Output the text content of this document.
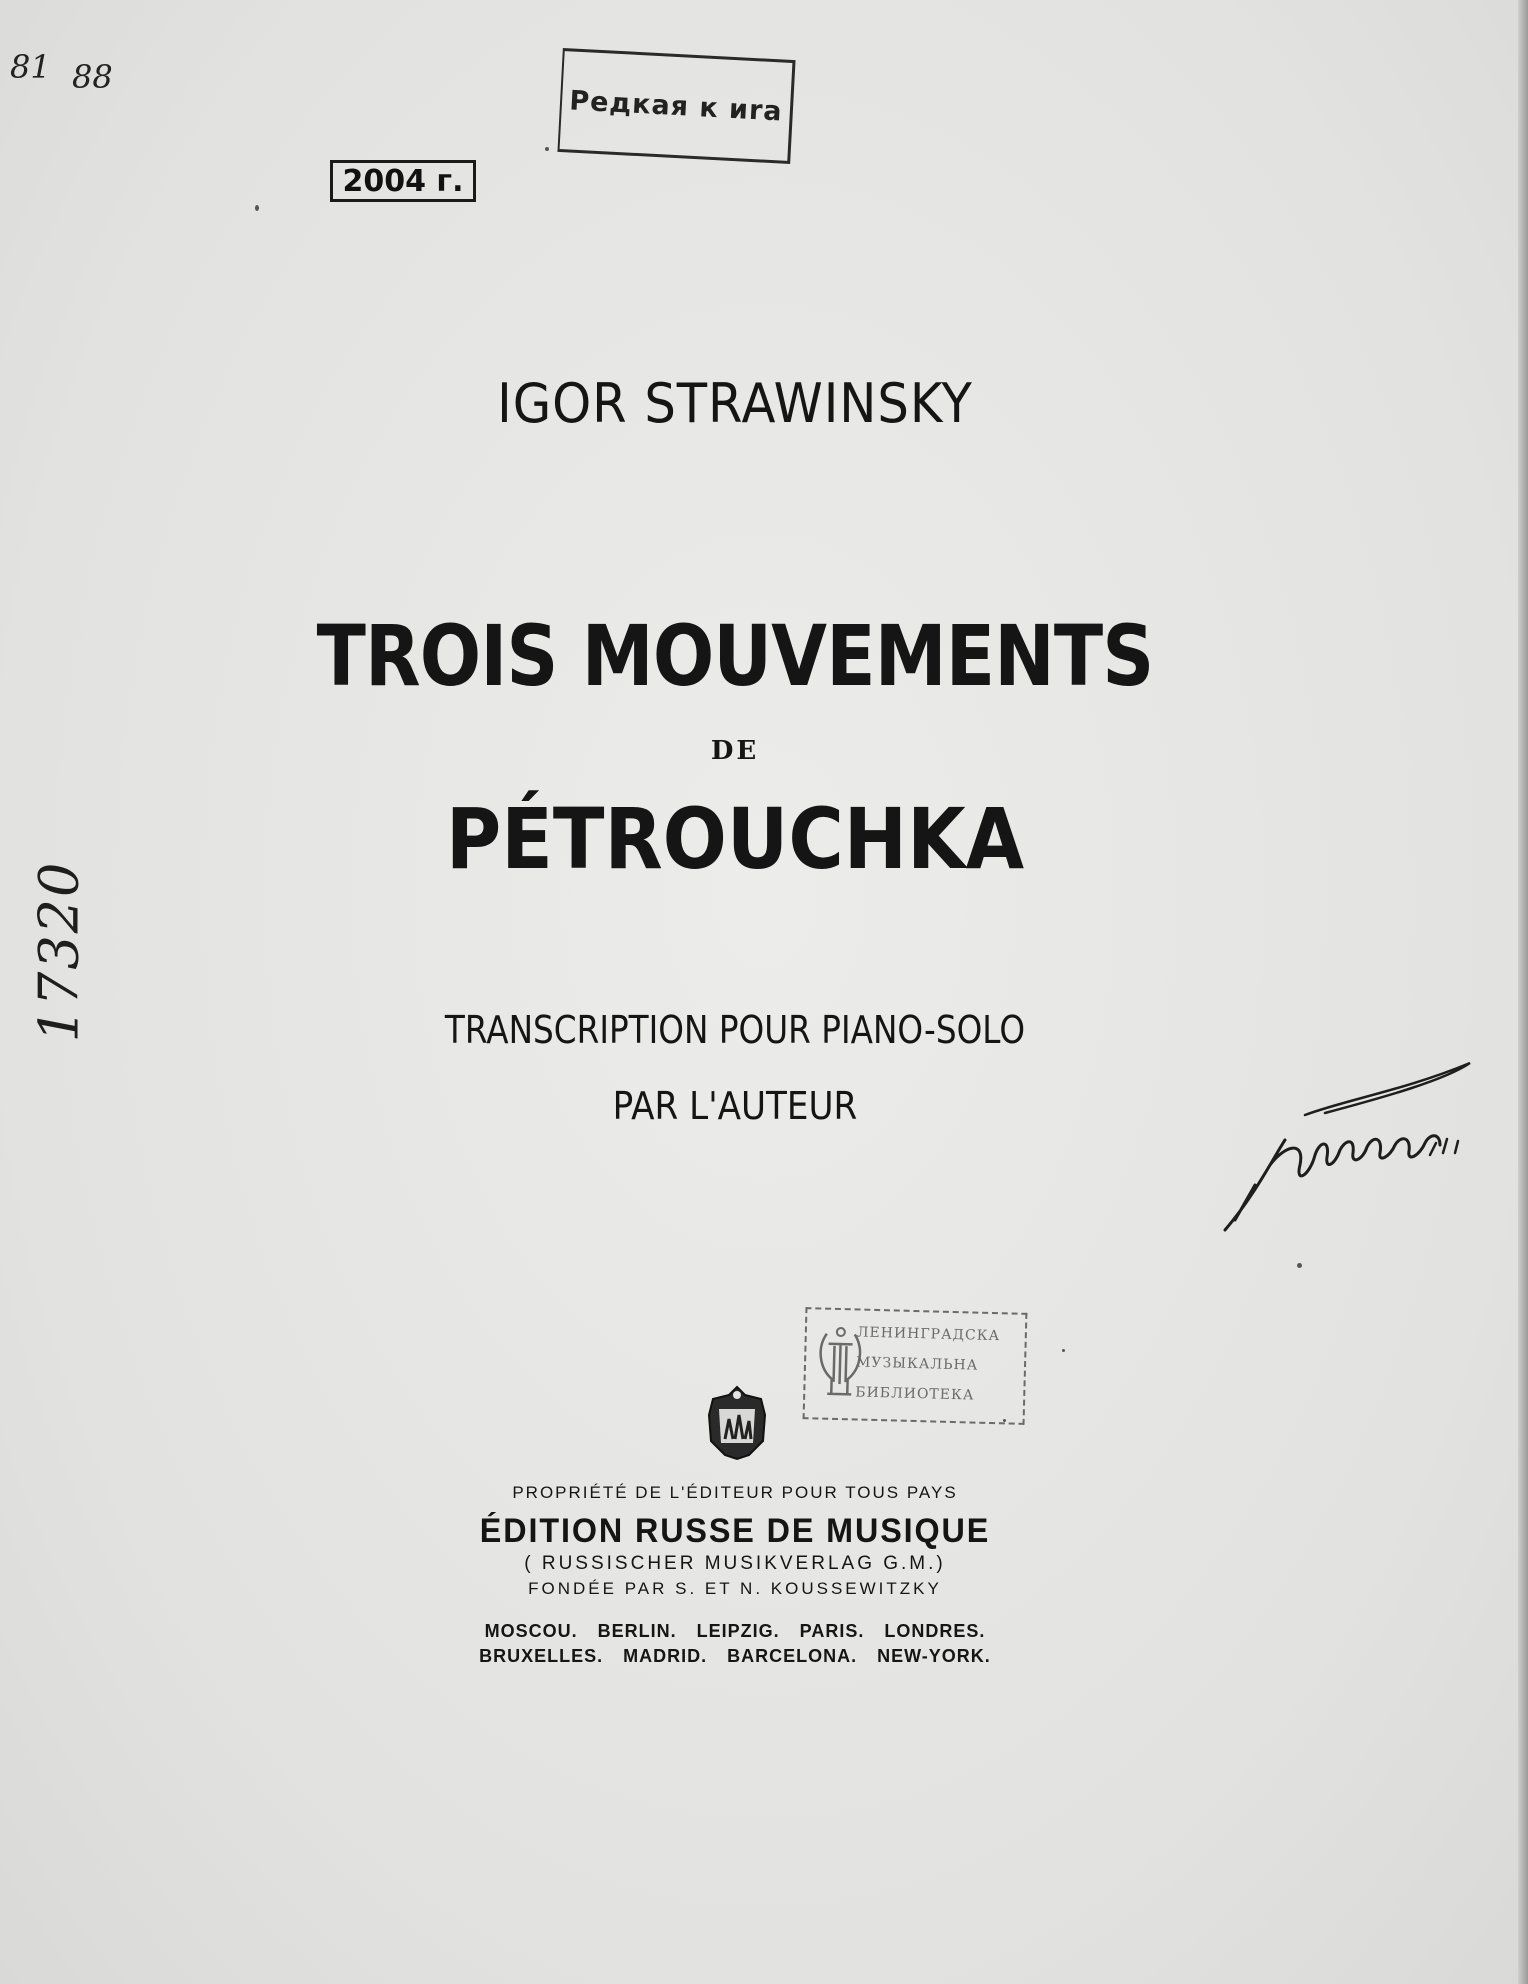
81 88
Редкая к иrа
2004 г.
17320
IGOR STRAWINSKY
TROIS MOUVEMENTS
DE
PÉTROUCHKA
TRANSCRIPTION POUR PIANO-SOLO
PAR L'AUTEUR
ЛЕНИНГРАДСКА
МУЗЫКАЛЬНА
БИБЛИОТЕКА
PROPRIÉTÉ DE L'ÉDITEUR POUR TOUS PAYS
ÉDITION RUSSE DE MUSIQUE
( RUSSISCHER MUSIKVERLAG G.M.)
FONDÉE PAR S. ET N. KOUSSEWITZKY
MOSCOU. BERLIN. LEIPZIG. PARIS. LONDRES.
BRUXELLES. MADRID. BARCELONA. NEW-YORK.
